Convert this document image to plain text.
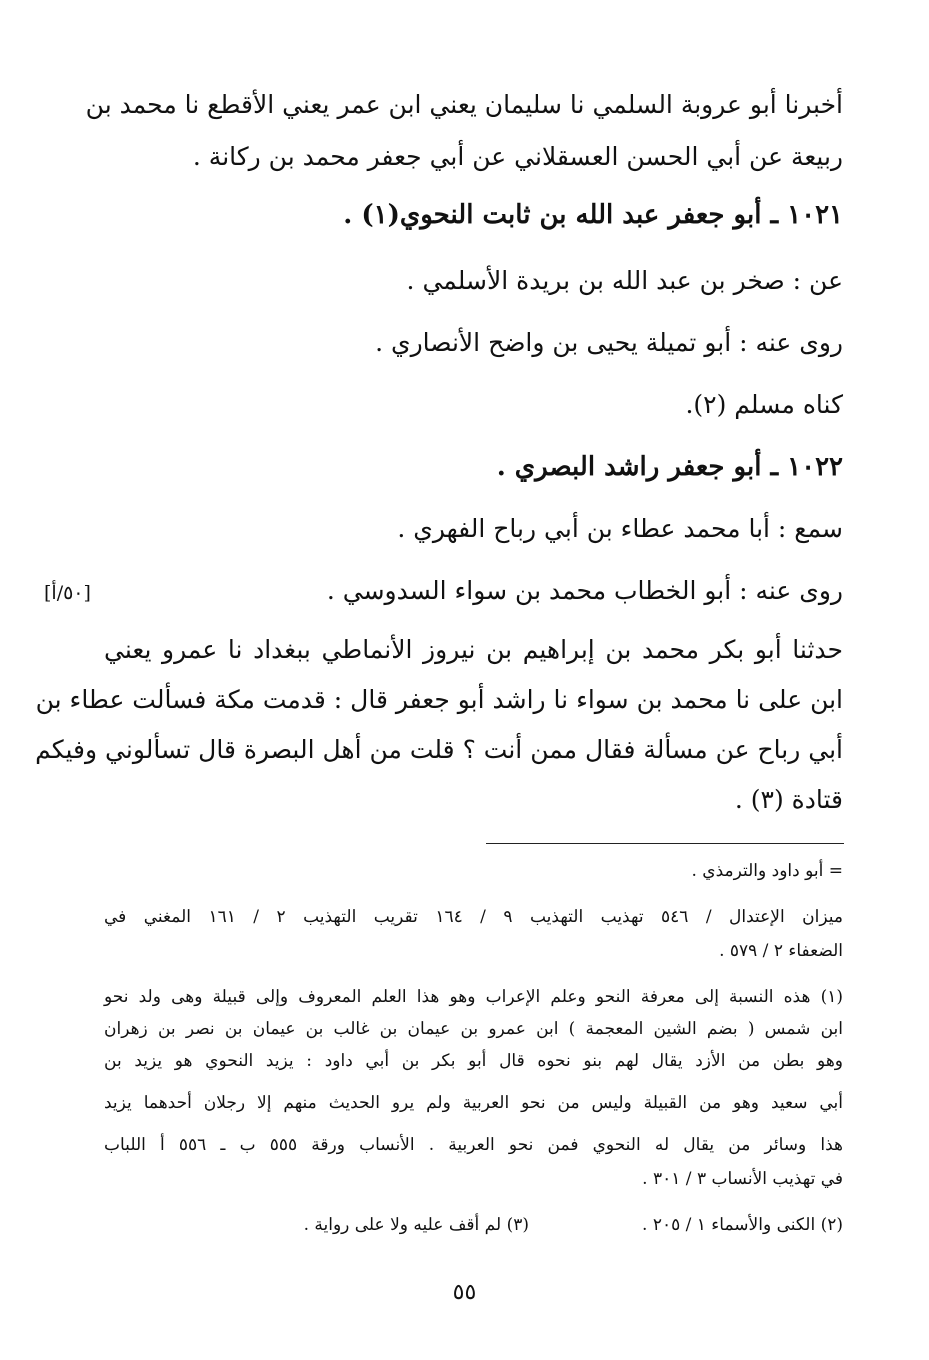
أخبرنا أبو عروبة السلمي نا سليمان يعني ابن عمر يعني الأقطع نا محمد بن
ربيعة عن أبي الحسن العسقلاني عن أبي جعفر محمد بن ركانة .
١٠٢١ ـ أبو جعفر عبد الله بن ثابت النحوي(١) .
عن : صخر بن عبد الله بن بريدة الأسلمي .
روى عنه : أبو تميلة يحيى بن واضح الأنصاري .
كناه مسلم (٢).
١٠٢٢ ـ أبو جعفر راشد البصري .
سمع : أبا محمد عطاء بن أبي رباح الفهري .
روى عنه : أبو الخطاب محمد بن سواء السدوسي .
[٥٠/أ]
حدثنا أبو بكر محمد بن إبراهيم بن نيروز الأنماطي ببغداد نا عمرو يعني
ابن على نا محمد بن سواء نا راشد أبو جعفر قال : قدمت مكة فسألت عطاء بن
أبي رباح عن مسألة فقال ممن أنت ؟ قلت من أهل البصرة قال تسألوني وفيكم
قتادة (٣) .
= أبو داود والترمذي .
ميزان الإعتدال / ٥٤٦ تهذيب التهذيب ٩ / ١٦٤ تقريب التهذيب ٢ / ١٦١ المغني في
الضعفاء ٢ / ٥٧٩ .
(١) هذه النسبة إلى معرفة النحو وعلم الإعراب وهو هذا العلم المعروف وإلى قبيلة وهى ولد نحو
ابن شمس ( بضم الشين المعجمة ) ابن عمرو بن عيمان بن غالب بن عيمان بن نصر بن زهران
وهو بطن من الأزد يقال لهم بنو نحوه قال أبو بكر بن أبي داود : يزيد النحوي هو يزيد بن
أبي سعيد وهو من القبيلة وليس من نحو العربية ولم يرو الحديث منهم إلا رجلان أحدهما يزيد
هذا وسائر من يقال له النحوي فمن نحو العربية . الأنساب ورقة ٥٥٥ ب ـ ٥٥٦ أ اللباب
في تهذيب الأنساب ٣ / ٣٠١ .
(٢) الكنى والأسماء ١ / ٢٠٥ .
(٣) لم أقف عليه ولا على رواية .
٥٥
